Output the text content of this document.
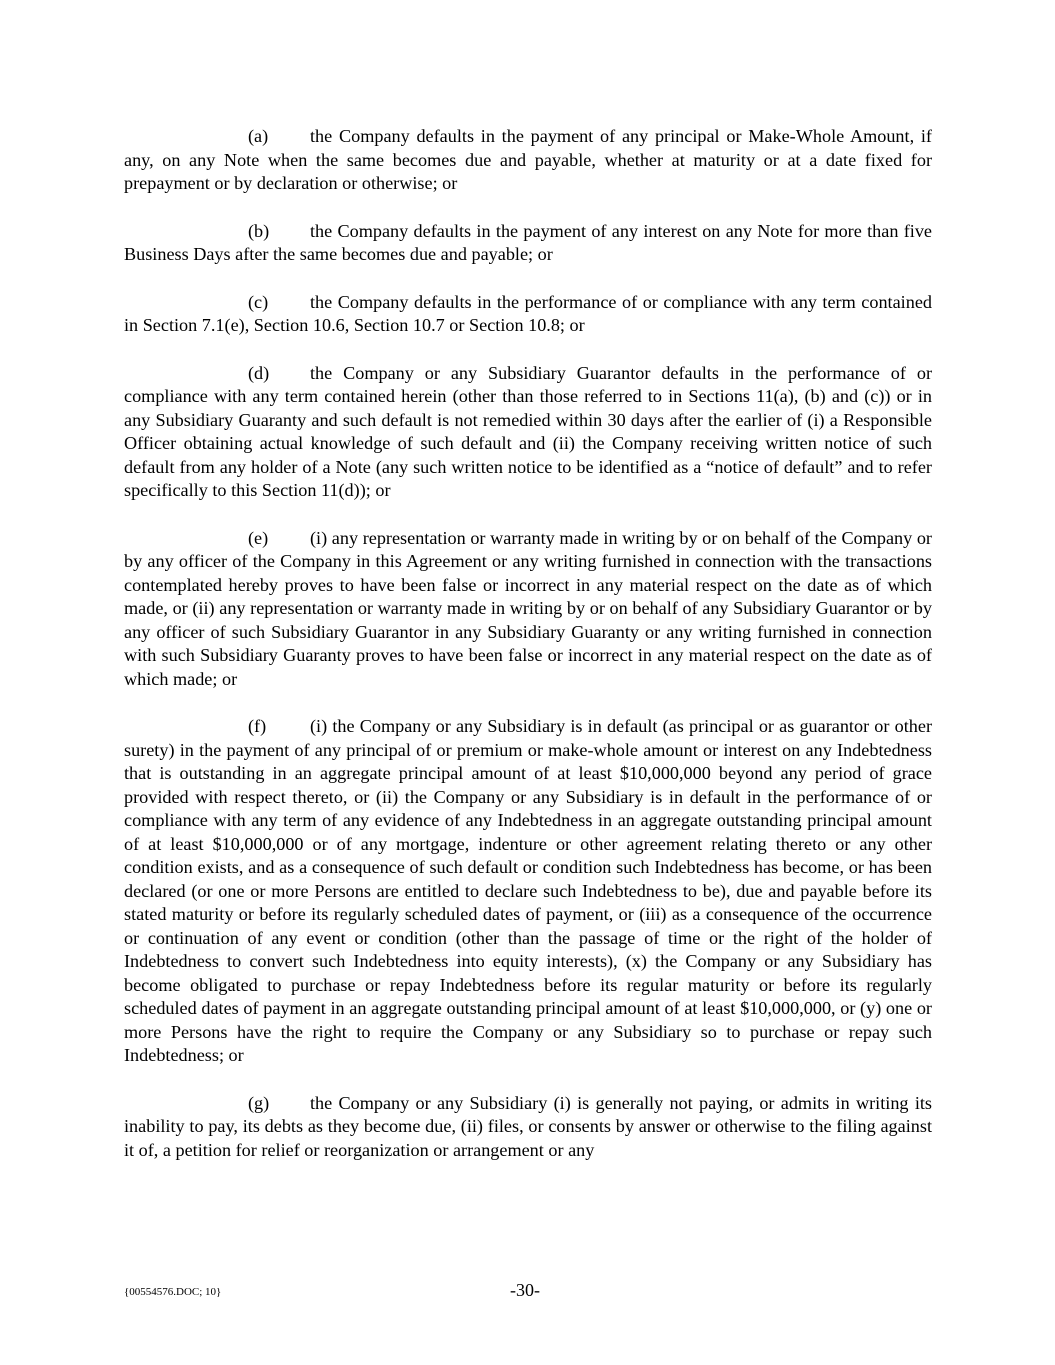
(a) the Company defaults in the payment of any principal or Make-Whole Amount, if any, on any Note when the same becomes due and payable, whether at maturity or at a date fixed for prepayment or by declaration or otherwise; or

(b) the Company defaults in the payment of any interest on any Note for more than five Business Days after the same becomes due and payable; or

(c) the Company defaults in the performance of or compliance with any term contained in Section 7.1(e), Section 10.6, Section 10.7 or Section 10.8; or

(d) the Company or any Subsidiary Guarantor defaults in the performance of or compliance with any term contained herein (other than those referred to in Sections 11(a), (b) and (c)) or in any Subsidiary Guaranty and such default is not remedied within 30 days after the earlier of (i) a Responsible Officer obtaining actual knowledge of such default and (ii) the Company receiving written notice of such default from any holder of a Note (any such written notice to be identified as a “notice of default” and to refer specifically to this Section 11(d)); or

(e) (i) any representation or warranty made in writing by or on behalf of the Company or by any officer of the Company in this Agreement or any writing furnished in connection with the transactions contemplated hereby proves to have been false or incorrect in any material respect on the date as of which made, or (ii) any representation or warranty made in writing by or on behalf of any Subsidiary Guarantor or by any officer of such Subsidiary Guarantor in any Subsidiary Guaranty or any writing furnished in connection with such Subsidiary Guaranty proves to have been false or incorrect in any material respect on the date as of which made; or

(f) (i) the Company or any Subsidiary is in default (as principal or as guarantor or other surety) in the payment of any principal of or premium or make-whole amount or interest on any Indebtedness that is outstanding in an aggregate principal amount of at least $10,000,000 beyond any period of grace provided with respect thereto, or (ii) the Company or any Subsidiary is in default in the performance of or compliance with any term of any evidence of any Indebtedness in an aggregate outstanding principal amount of at least $10,000,000 or of any mortgage, indenture or other agreement relating thereto or any other condition exists, and as a consequence of such default or condition such Indebtedness has become, or has been declared (or one or more Persons are entitled to declare such Indebtedness to be), due and payable before its stated maturity or before its regularly scheduled dates of payment, or (iii) as a consequence of the occurrence or continuation of any event or condition (other than the passage of time or the right of the holder of Indebtedness to convert such Indebtedness into equity interests), (x) the Company or any Subsidiary has become obligated to purchase or repay Indebtedness before its regular maturity or before its regularly scheduled dates of payment in an aggregate outstanding principal amount of at least $10,000,000, or (y) one or more Persons have the right to require the Company or any Subsidiary so to purchase or repay such Indebtedness; or

(g) the Company or any Subsidiary (i) is generally not paying, or admits in writing its inability to pay, its debts as they become due, (ii) files, or consents by answer or otherwise to the filing against it of, a petition for relief or reorganization or arrangement or any

{00554576.DOC; 10}	-30-
